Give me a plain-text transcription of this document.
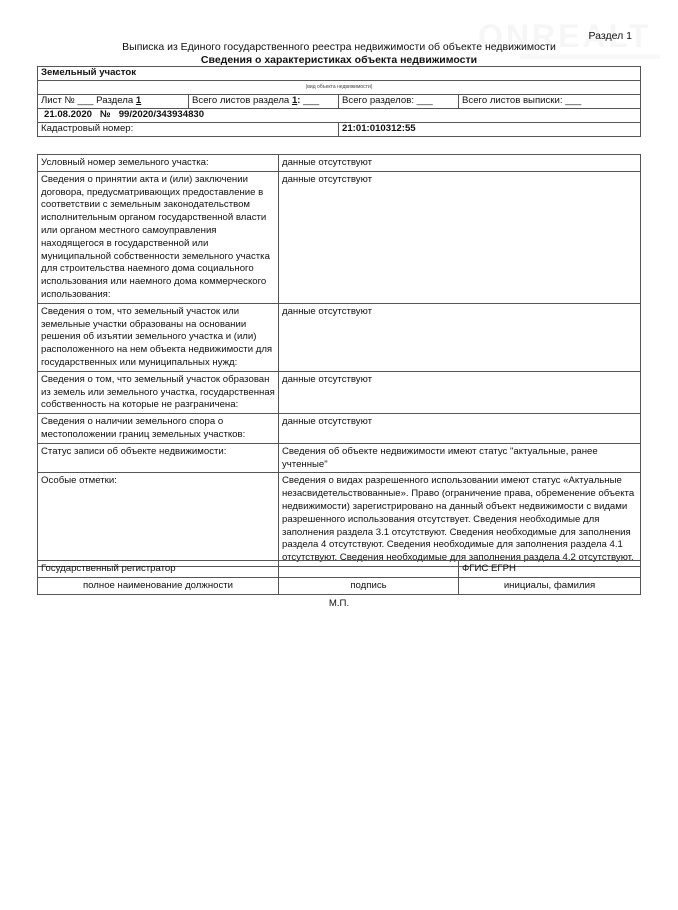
Раздел 1
Выписка из Единого государственного реестра недвижимости об объекте недвижимости
Сведения о характеристиках объекта недвижимости
Земельный участок			
(вид объекта недвижимости)			
Лист № ___ Раздела 1	Всего листов раздела 1: ___	Всего разделов: ___	Всего листов выписки: ___
21.08.2020 № 99/2020/343934830			
Кадастровый номер:		21:01:010312:55	
Условный номер земельного участка:	данные отсутствуют
Сведения о принятии акта и (или) заключении договора, предусматривающих предоставление в соответствии с земельным законодательством исполнительным органом государственной власти или органом местного самоуправления находящегося в государственной или муниципальной собственности земельного участка для строительства наемного дома социального использования или наемного дома коммерческого использования:	данные отсутствуют
Сведения о том, что земельный участок или земельные участки образованы на основании решения об изъятии земельного участка и (или) расположенного на нем объекта недвижимости для государственных или муниципальных нужд:	данные отсутствуют
Сведения о том, что земельный участок образован из земель или земельного участка, государственная собственность на которые не разграничена:	данные отсутствуют
Сведения о наличии земельного спора о местоположении границ земельных участков:	данные отсутствуют
Статус записи об объекте недвижимости:	Сведения об объекте недвижимости имеют статус "актуальные, ранее учтенные"
Особые отметки:	Сведения о видах разрешенного использовании имеют статус «Актуальные незасвидетельствованные». Право (ограничение права, обременение объекта недвижимости) зарегистрировано на данный объект недвижимости с видами разрешенного использования отсутствует. Сведения необходимые для заполнения раздела 3.1 отсутствуют. Сведения необходимые для заполнения раздела 4 отсутствуют. Сведения необходимые для заполнения раздела 4.1 отсутствуют. Сведения необходимые для заполнения раздела 4.2 отсутствуют.
Государственный регистратор		ФГИС ЕГРН
полное наименование должности	подпись	инициалы, фамилия
М.П.
